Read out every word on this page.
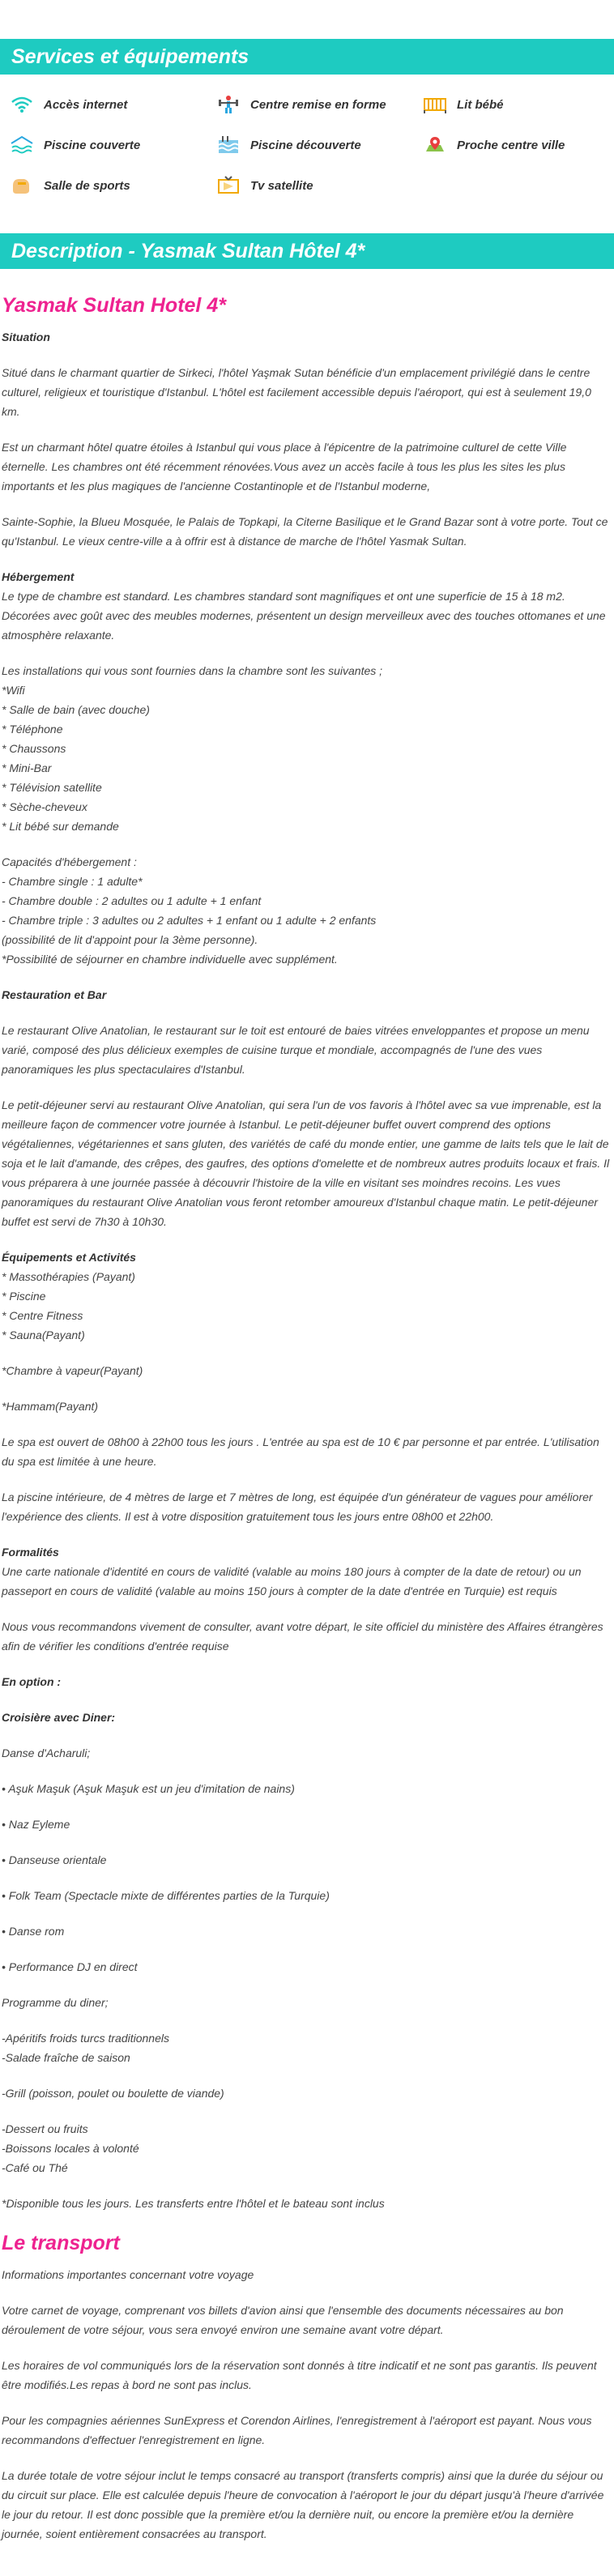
Services et équipements
Accès internet	Centre remise en forme	Lit bébé
Piscine couverte	Piscine découverte	Proche centre ville
Salle de sports	Tv satellite
Description - Yasmak Sultan Hôtel 4*
Yasmak Sultan Hotel 4*

Situation

Situé dans le charmant quartier de Sirkeci, l'hôtel Yaşmak Sutan bénéficie d'un emplacement privilégié dans le centre culturel, religieux et touristique d'Istanbul. L'hôtel est facilement accessible depuis l'aéroport, qui est à seulement 19,0 km.

Est un charmant hôtel quatre étoiles à Istanbul qui vous place à l'épicentre de la patrimoine culturel de cette Ville éternelle. Les chambres ont été récemment rénovées.Vous avez un accès facile à tous les plus les sites les plus importants et les plus magiques de l'ancienne Costantinople et de l'Istanbul moderne,

Sainte-Sophie, la Blueu Mosquée, le Palais de Topkapi, la Citerne Basilique et le Grand Bazar sont à votre porte. Tout ce qu'Istanbul. Le vieux centre-ville a à offrir est à distance de marche de l'hôtel Yasmak Sultan.

Hébergement
Le type de chambre est standard. Les chambres standard sont magnifiques et ont une superficie de 15 à 18 m2. Décorées avec goût avec des meubles modernes, présentent un design merveilleux avec des touches ottomanes et une atmosphère relaxante.
Les installations qui vous sont fournies dans la chambre sont les suivantes ;
*Wifi
* Salle de bain (avec douche)
* Téléphone
* Chaussons
* Mini-Bar
* Télévision satellite
* Sèche-cheveux
* Lit bébé sur demande
Capacités d'hébergement :
- Chambre single : 1 adulte*
- Chambre double : 2 adultes ou 1 adulte + 1 enfant
- Chambre triple : 3 adultes ou 2 adultes + 1 enfant ou 1 adulte + 2 enfants
(possibilité de lit d'appoint pour la 3ème personne).
*Possibilité de séjourner en chambre individuelle avec supplément.

Restauration et Bar

Le restaurant Olive Anatolian, le restaurant sur le toit est entouré de baies vitrées enveloppantes et propose un menu varié, composé des plus délicieux exemples de cuisine turque et mondiale, accompagnés de l'une des vues panoramiques les plus spectaculaires d'Istanbul.

Le petit-déjeuner servi au restaurant Olive Anatolian, qui sera l'un de vos favoris à l'hôtel avec sa vue imprenable, est la meilleure façon de commencer votre journée à Istanbul. Le petit-déjeuner buffet ouvert comprend des options végétaliennes, végétariennes et sans gluten, des variétés de café du monde entier, une gamme de laits tels que le lait de soja et le lait d'amande, des crêpes, des gaufres, des options d'omelette et de nombreux autres produits locaux et frais. Il vous préparera à une journée passée à découvrir l'histoire de la ville en visitant ses moindres recoins. Les vues panoramiques du restaurant Olive Anatolian vous feront retomber amoureux d'Istanbul chaque matin. Le petit-déjeuner buffet est servi de 7h30 à 10h30.

Équipements et Activités
* Massothérapies (Payant)
* Piscine
* Centre Fitness
* Sauna(Payant)

*Chambre à vapeur(Payant)

*Hammam(Payant)

Le spa est ouvert de 08h00 à 22h00 tous les jours . L'entrée au spa est de 10 € par personne et par entrée. L'utilisation du spa est limitée à une heure.

La piscine intérieure, de 4 mètres de large et 7 mètres de long, est équipée d'un générateur de vagues pour améliorer l'expérience des clients. Il est à votre disposition gratuitement tous les jours entre 08h00 et 22h00.

Formalités
Une carte nationale d'identité en cours de validité (valable au moins 180 jours à compter de la date de retour) ou un passeport en cours de validité (valable au moins 150 jours à compter de la date d'entrée en Turquie) est requis

Nous vous recommandons vivement de consulter, avant votre départ, le site officiel du ministère des Affaires étrangères afin de vérifier les conditions d'entrée requise

En option :

Croisière avec Diner:

Danse d'Acharuli;

• Aşuk Maşuk (Aşuk Maşuk est un jeu d'imitation de nains)

• Naz Eyleme

• Danseuse orientale

• Folk Team (Spectacle mixte de différentes parties de la Turquie)

• Danse rom

• Performance DJ en direct

Programme du diner;

-Apéritifs froids turcs traditionnels
-Salade fraîche de saison
-Grill (poisson, poulet ou boulette de viande)
-Dessert ou fruits
-Boissons locales à volonté
-Café ou Thé

*Disponible tous les jours. Les transferts entre l'hôtel et le bateau sont inclus

Le transport

Informations importantes concernant votre voyage

Votre carnet de voyage, comprenant vos billets d'avion ainsi que l'ensemble des documents nécessaires au bon déroulement de votre séjour, vous sera envoyé environ une semaine avant votre départ.

Les horaires de vol communiqués lors de la réservation sont donnés à titre indicatif et ne sont pas garantis. Ils peuvent être modifiés.Les repas à bord ne sont pas inclus.

Pour les compagnies aériennes SunExpress et Corendon Airlines, l'enregistrement à l'aéroport est payant. Nous vous recommandons d'effectuer l'enregistrement en ligne.

La durée totale de votre séjour inclut le temps consacré au transport (transferts compris) ainsi que la durée du séjour ou du circuit sur place. Elle est calculée depuis l'heure de convocation à l'aéroport le jour du départ jusqu'à l'heure d'arrivée le jour du retour. Il est donc possible que la première et/ou la dernière nuit, ou encore la première et/ou la dernière journée, soient entièrement consacrées au transport.
